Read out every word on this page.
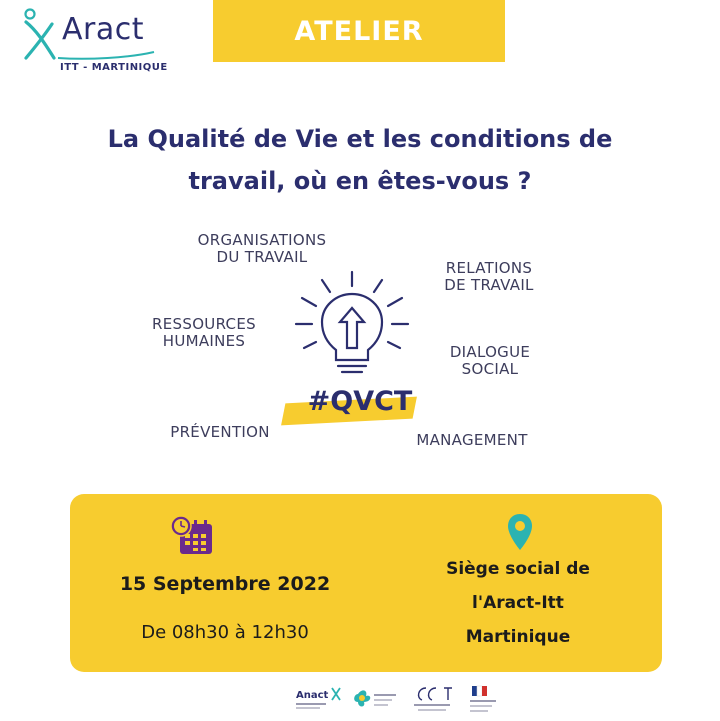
Aract
ITT - MARTINIQUE
ATELIER
La Qualité de Vie et les conditions de
travail, où en êtes-vous ?
ORGANISATIONS
DU TRAVAIL
RELATIONS
DE TRAVAIL
RESSOURCES
HUMAINES
DIALOGUE
SOCIAL
PRÉVENTION	MANAGEMENT
#QVCT
15 Septembre 2022
De 08h30 à 12h30
Siège social de
l'Aract-Itt
Martinique
Anact
